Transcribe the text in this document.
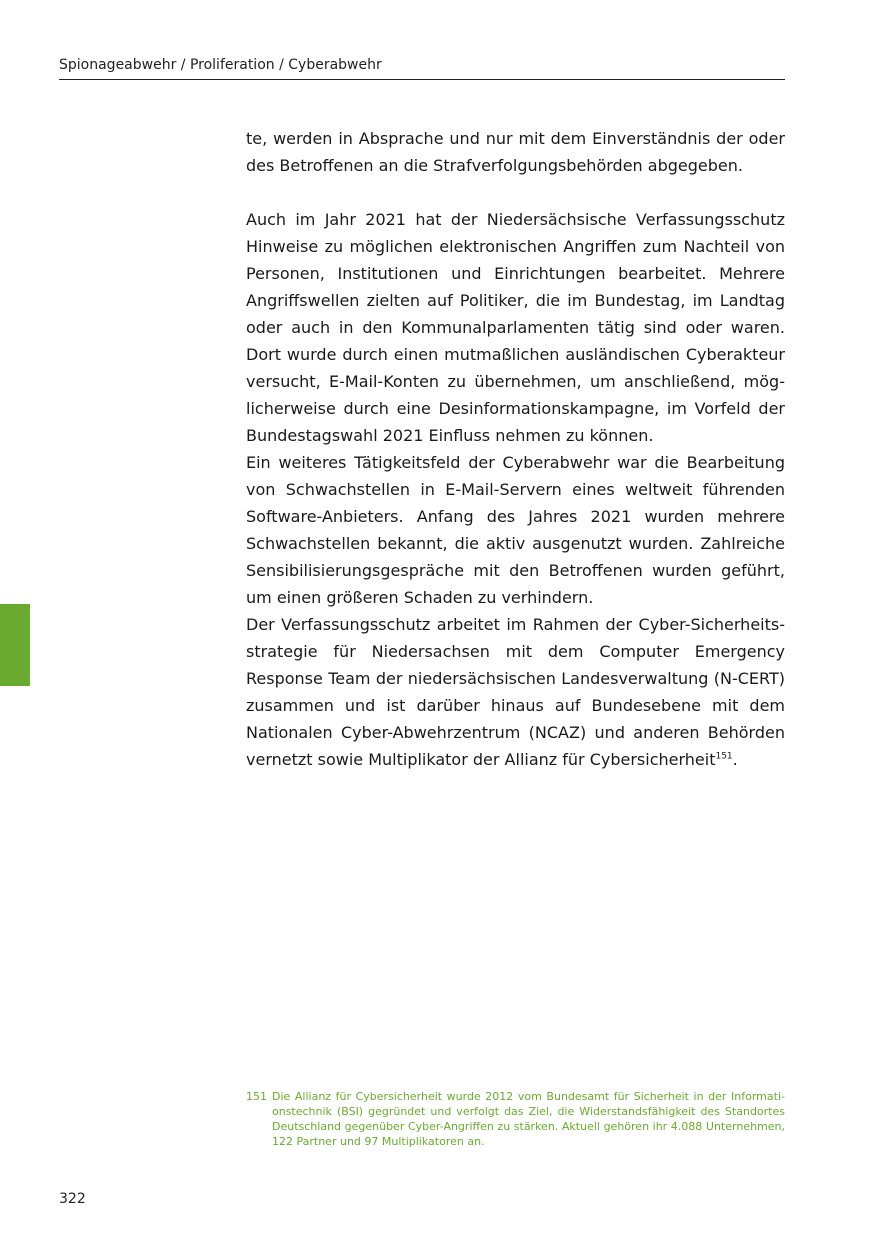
Spionageabwehr / Proliferation / Cyberabwehr

te, werden in Absprache und nur mit dem Einverständnis der oder des Betroffenen an die Strafverfolgungsbehörden abgegeben.

Auch im Jahr 2021 hat der Niedersächsische Verfassungsschutz Hinweise zu möglichen elektronischen Angriffen zum Nachteil von Personen, Institutionen und Einrichtungen bearbeitet. Mehrere Angriffswellen zielten auf Politiker, die im Bundestag, im Landtag oder auch in den Kommunalparlamenten tätig sind oder waren. Dort wurde durch einen mutmaßlichen ausländischen Cyberakteur versucht, E-Mail-Konten zu übernehmen, um anschließend, möglicherweise durch eine Desinformationskampagne, im Vorfeld der Bundestagswahl 2021 Einfluss nehmen zu können.

Ein weiteres Tätigkeitsfeld der Cyberabwehr war die Bearbeitung von Schwachstellen in E-Mail-Servern eines weltweit führenden Software-Anbieters. Anfang des Jahres 2021 wurden mehrere Schwachstellen bekannt, die aktiv ausgenutzt wurden. Zahlreiche Sensibilisierungsgespräche mit den Betroffenen wurden geführt, um einen größeren Schaden zu verhindern.

Der Verfassungsschutz arbeitet im Rahmen der Cyber-Sicherheitsstrategie für Niedersachsen mit dem Computer Emergency Response Team der niedersächsischen Landesverwaltung (N-CERT) zusammen und ist darüber hinaus auf Bundesebene mit dem Nationalen Cyber-Abwehrzentrum (NCAZ) und anderen Behörden vernetzt sowie Multiplikator der Allianz für Cybersicherheit$^{151}$.

151 Die Allianz für Cybersicherheit wurde 2012 vom Bundesamt für Sicherheit in der Informationstechnik (BSI) gegründet und verfolgt das Ziel, die Widerstandsfähigkeit des Standortes Deutschland gegenüber Cyber-Angriffen zu stärken. Aktuell gehören ihr 4.088 Unternehmen, 122 Partner und 97 Multiplikatoren an.
322
